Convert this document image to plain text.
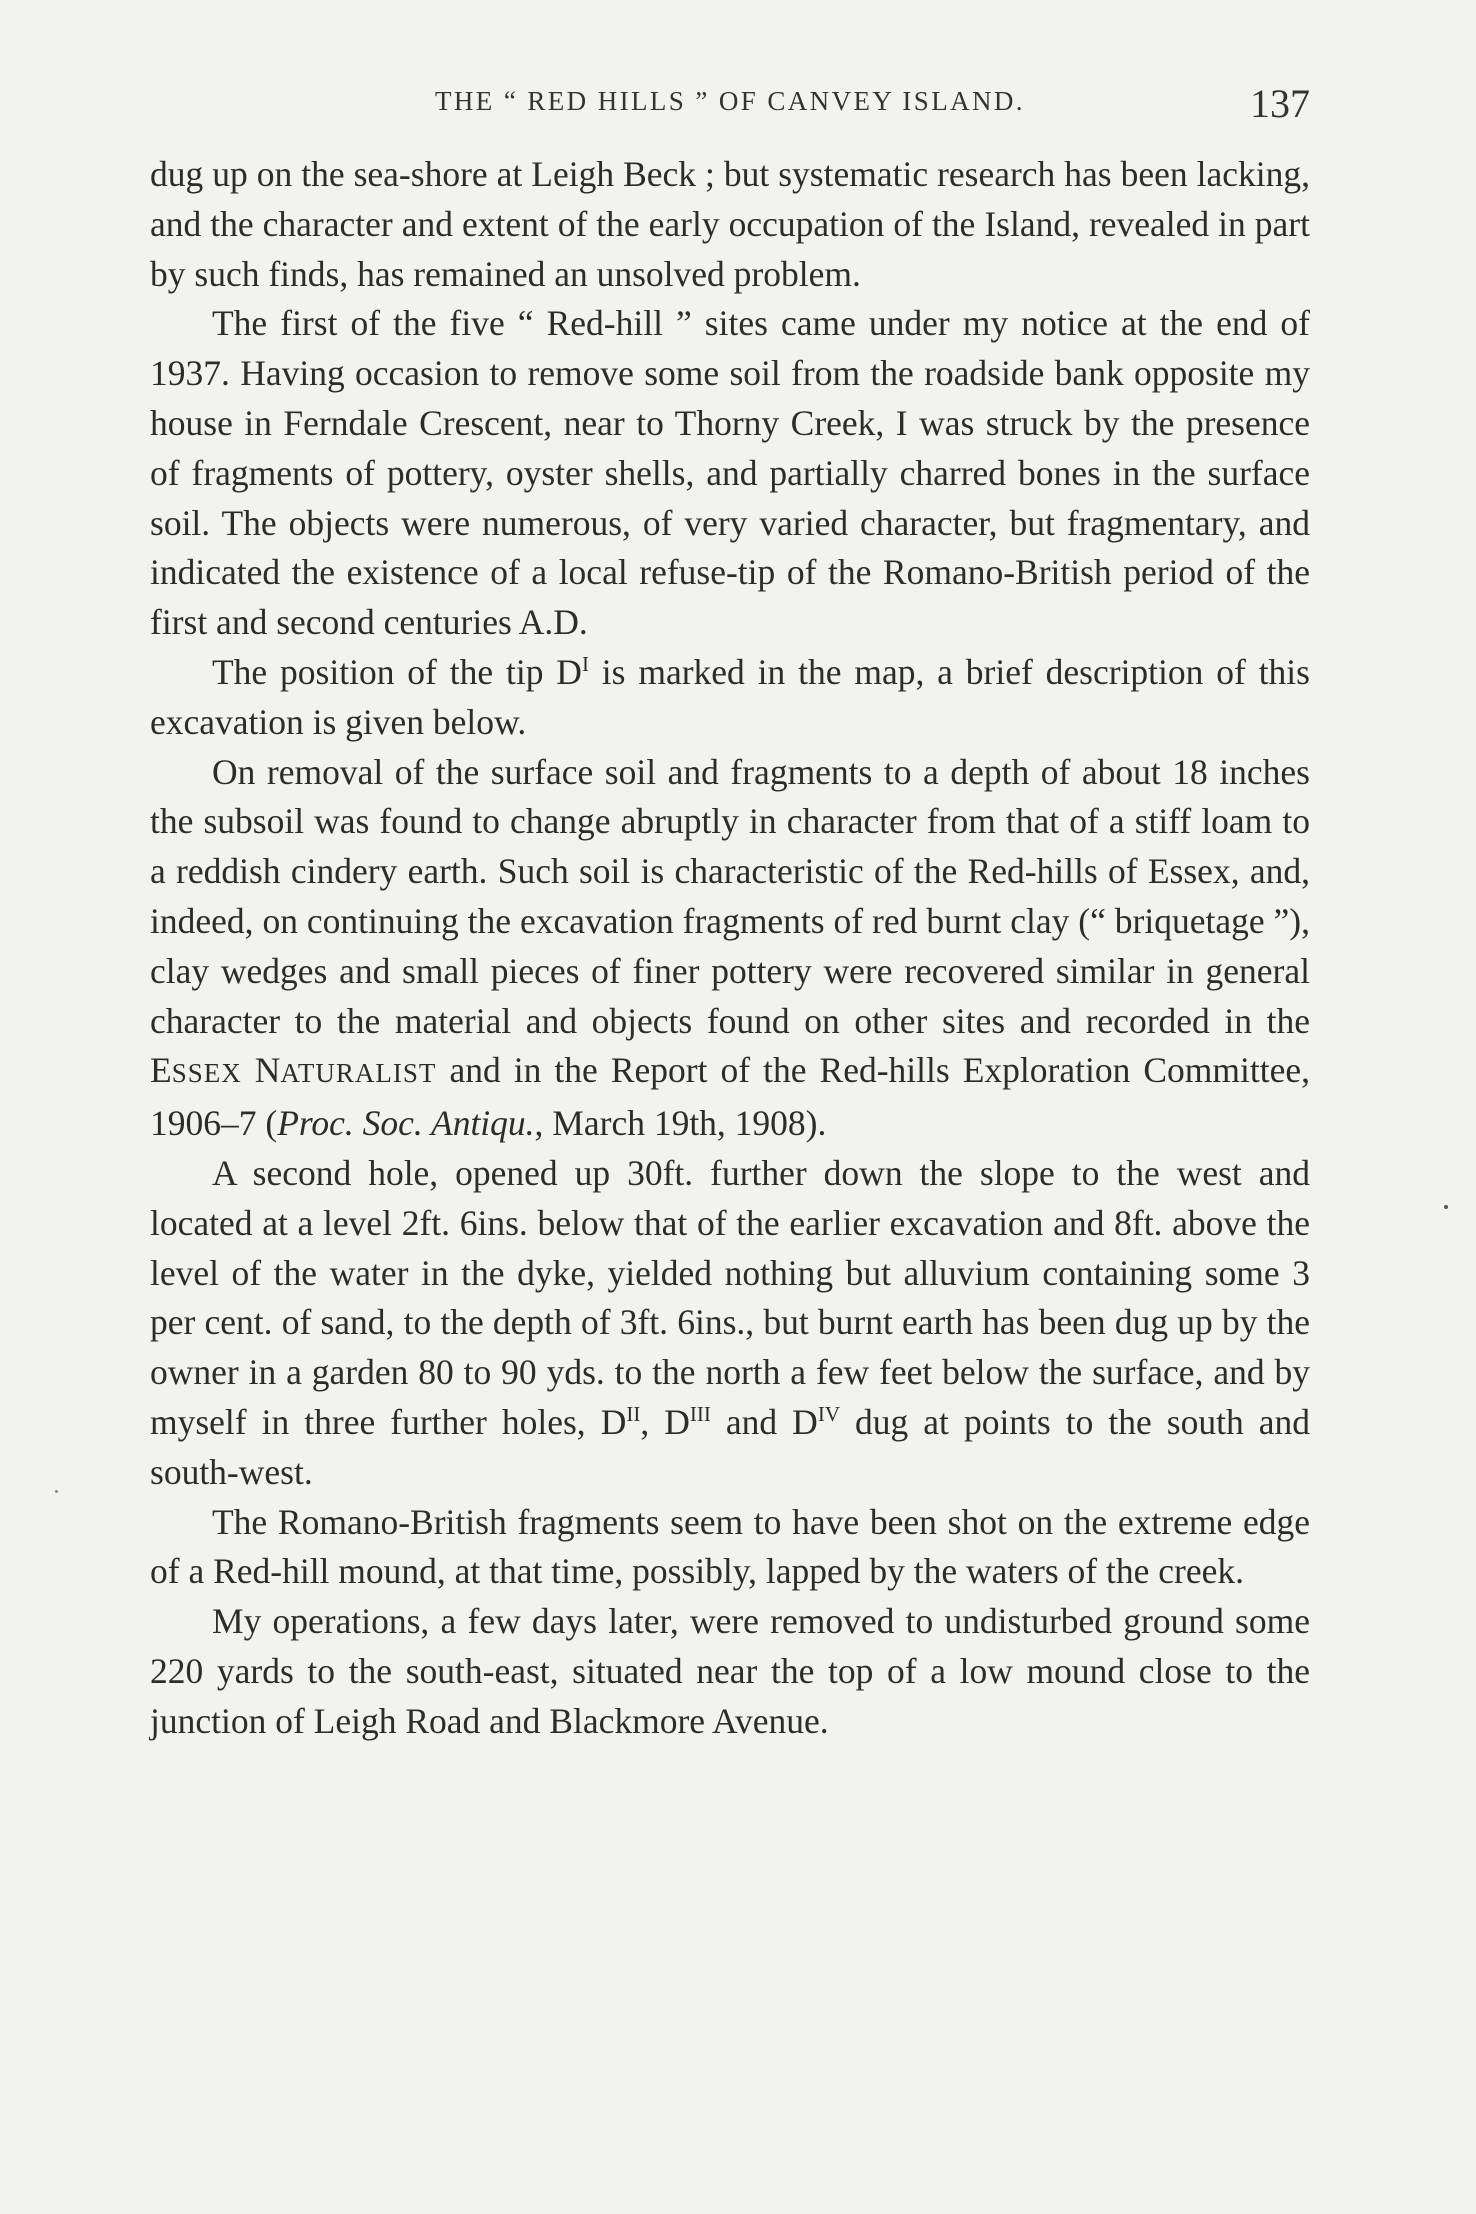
THE “ RED HILLS ” OF CANVEY ISLAND.	137

dug up on the sea-shore at Leigh Beck ; but systematic research has been lacking, and the character and extent of the early occupation of the Island, revealed in part by such finds, has remained an unsolved problem.

The first of the five “ Red-hill ” sites came under my notice at the end of 1937. Having occasion to remove some soil from the roadside bank opposite my house in Ferndale Crescent, near to Thorny Creek, I was struck by the presence of fragments of pottery, oyster shells, and partially charred bones in the surface soil. The objects were numerous, of very varied character, but fragmentary, and indicated the existence of a local refuse-tip of the Romano-British period of the first and second centuries A.D.

The position of the tip $D^I$ is marked in the map, a brief description of this excavation is given below.

On removal of the surface soil and fragments to a depth of about 18 inches the subsoil was found to change abruptly in character from that of a stiff loam to a reddish cindery earth. Such soil is characteristic of the Red-hills of Essex, and, indeed, on continuing the excavation fragments of red burnt clay (“ briquetage ”), clay wedges and small pieces of finer pottery were recovered similar in general character to the material and objects found on other sites and recorded in the ESSEX NATURALIST and in the Report of the Red-hills Exploration Committee, 1906–7 (Proc. Soc. Antiqu., March 19th, 1908).

A second hole, opened up 30ft. further down the slope to the west and located at a level 2ft. 6ins. below that of the earlier excavation and 8ft. above the level of the water in the dyke, yielded nothing but alluvium containing some 3 per cent. of sand, to the depth of 3ft. 6ins., but burnt earth has been dug up by the owner in a garden 80 to 90 yds. to the north a few feet below the surface, and by myself in three further holes, $D^{II}$, $D^{III}$ and $D^{IV}$ dug at points to the south and south-west.

The Romano-British fragments seem to have been shot on the extreme edge of a Red-hill mound, at that time, possibly, lapped by the waters of the creek.

My operations, a few days later, were removed to undisturbed ground some 220 yards to the south-east, situated near the top of a low mound close to the junction of Leigh Road and Blackmore Avenue.
